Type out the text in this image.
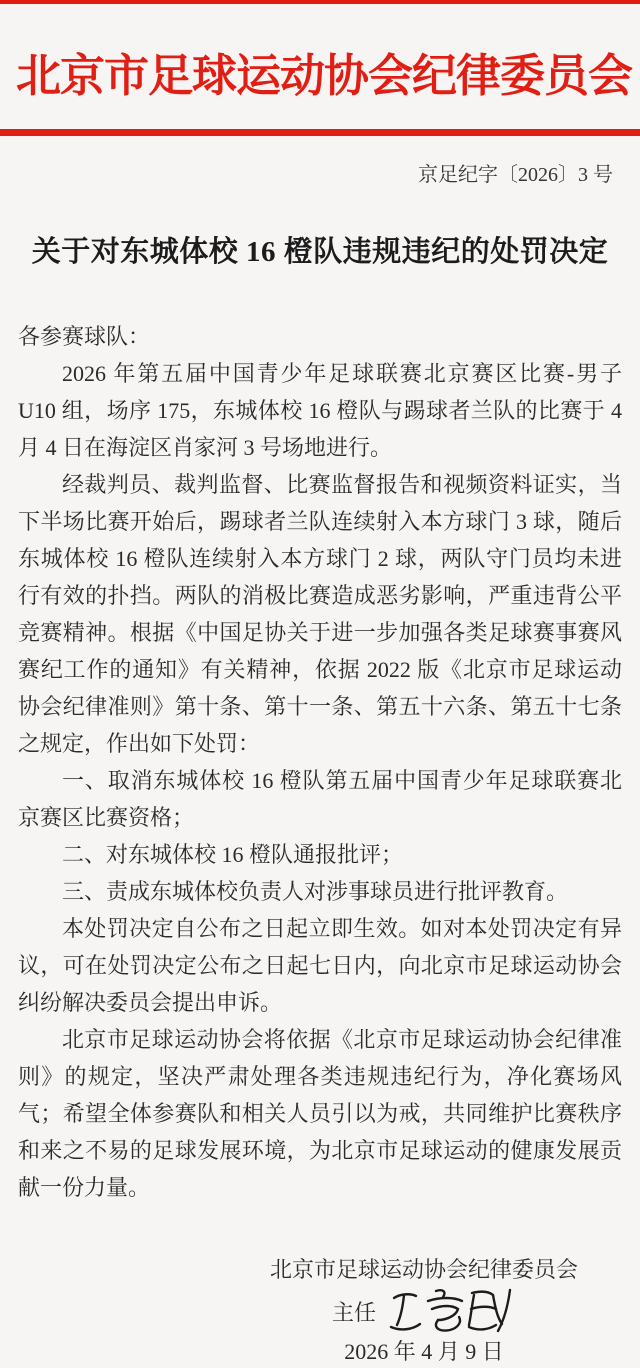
北京市足球运动协会纪律委员会
京足纪字〔2026〕3 号
关于对东城体校 16 橙队违规违纪的处罚决定

各参赛球队：

2026 年第五届中国青少年足球联赛北京赛区比赛-男子 U10 组，场序 175，东城体校 16 橙队与踢球者兰队的比赛于 4 月 4 日在海淀区肖家河 3 号场地进行。

经裁判员、裁判监督、比赛监督报告和视频资料证实，当下半场比赛开始后，踢球者兰队连续射入本方球门 3 球，随后东城体校 16 橙队连续射入本方球门 2 球，两队守门员均未进行有效的扑挡。两队的消极比赛造成恶劣影响，严重违背公平竞赛精神。根据《中国足协关于进一步加强各类足球赛事赛风赛纪工作的通知》有关精神，依据 2022 版《北京市足球运动协会纪律准则》第十条、第十一条、第五十六条、第五十七条之规定，作出如下处罚：

一、取消东城体校 16 橙队第五届中国青少年足球联赛北京赛区比赛资格；

二、对东城体校 16 橙队通报批评；

三、责成东城体校负责人对涉事球员进行批评教育。

本处罚决定自公布之日起立即生效。如对本处罚决定有异议，可在处罚决定公布之日起七日内，向北京市足球运动协会纠纷解决委员会提出申诉。

北京市足球运动协会将依据《北京市足球运动协会纪律准则》的规定，坚决严肃处理各类违规违纪行为，净化赛场风气；希望全体参赛队和相关人员引以为戒，共同维护比赛秩序和来之不易的足球发展环境，为北京市足球运动的健康发展贡献一份力量。

北京市足球运动协会纪律委员会
主任
2026 年 4 月 9 日
